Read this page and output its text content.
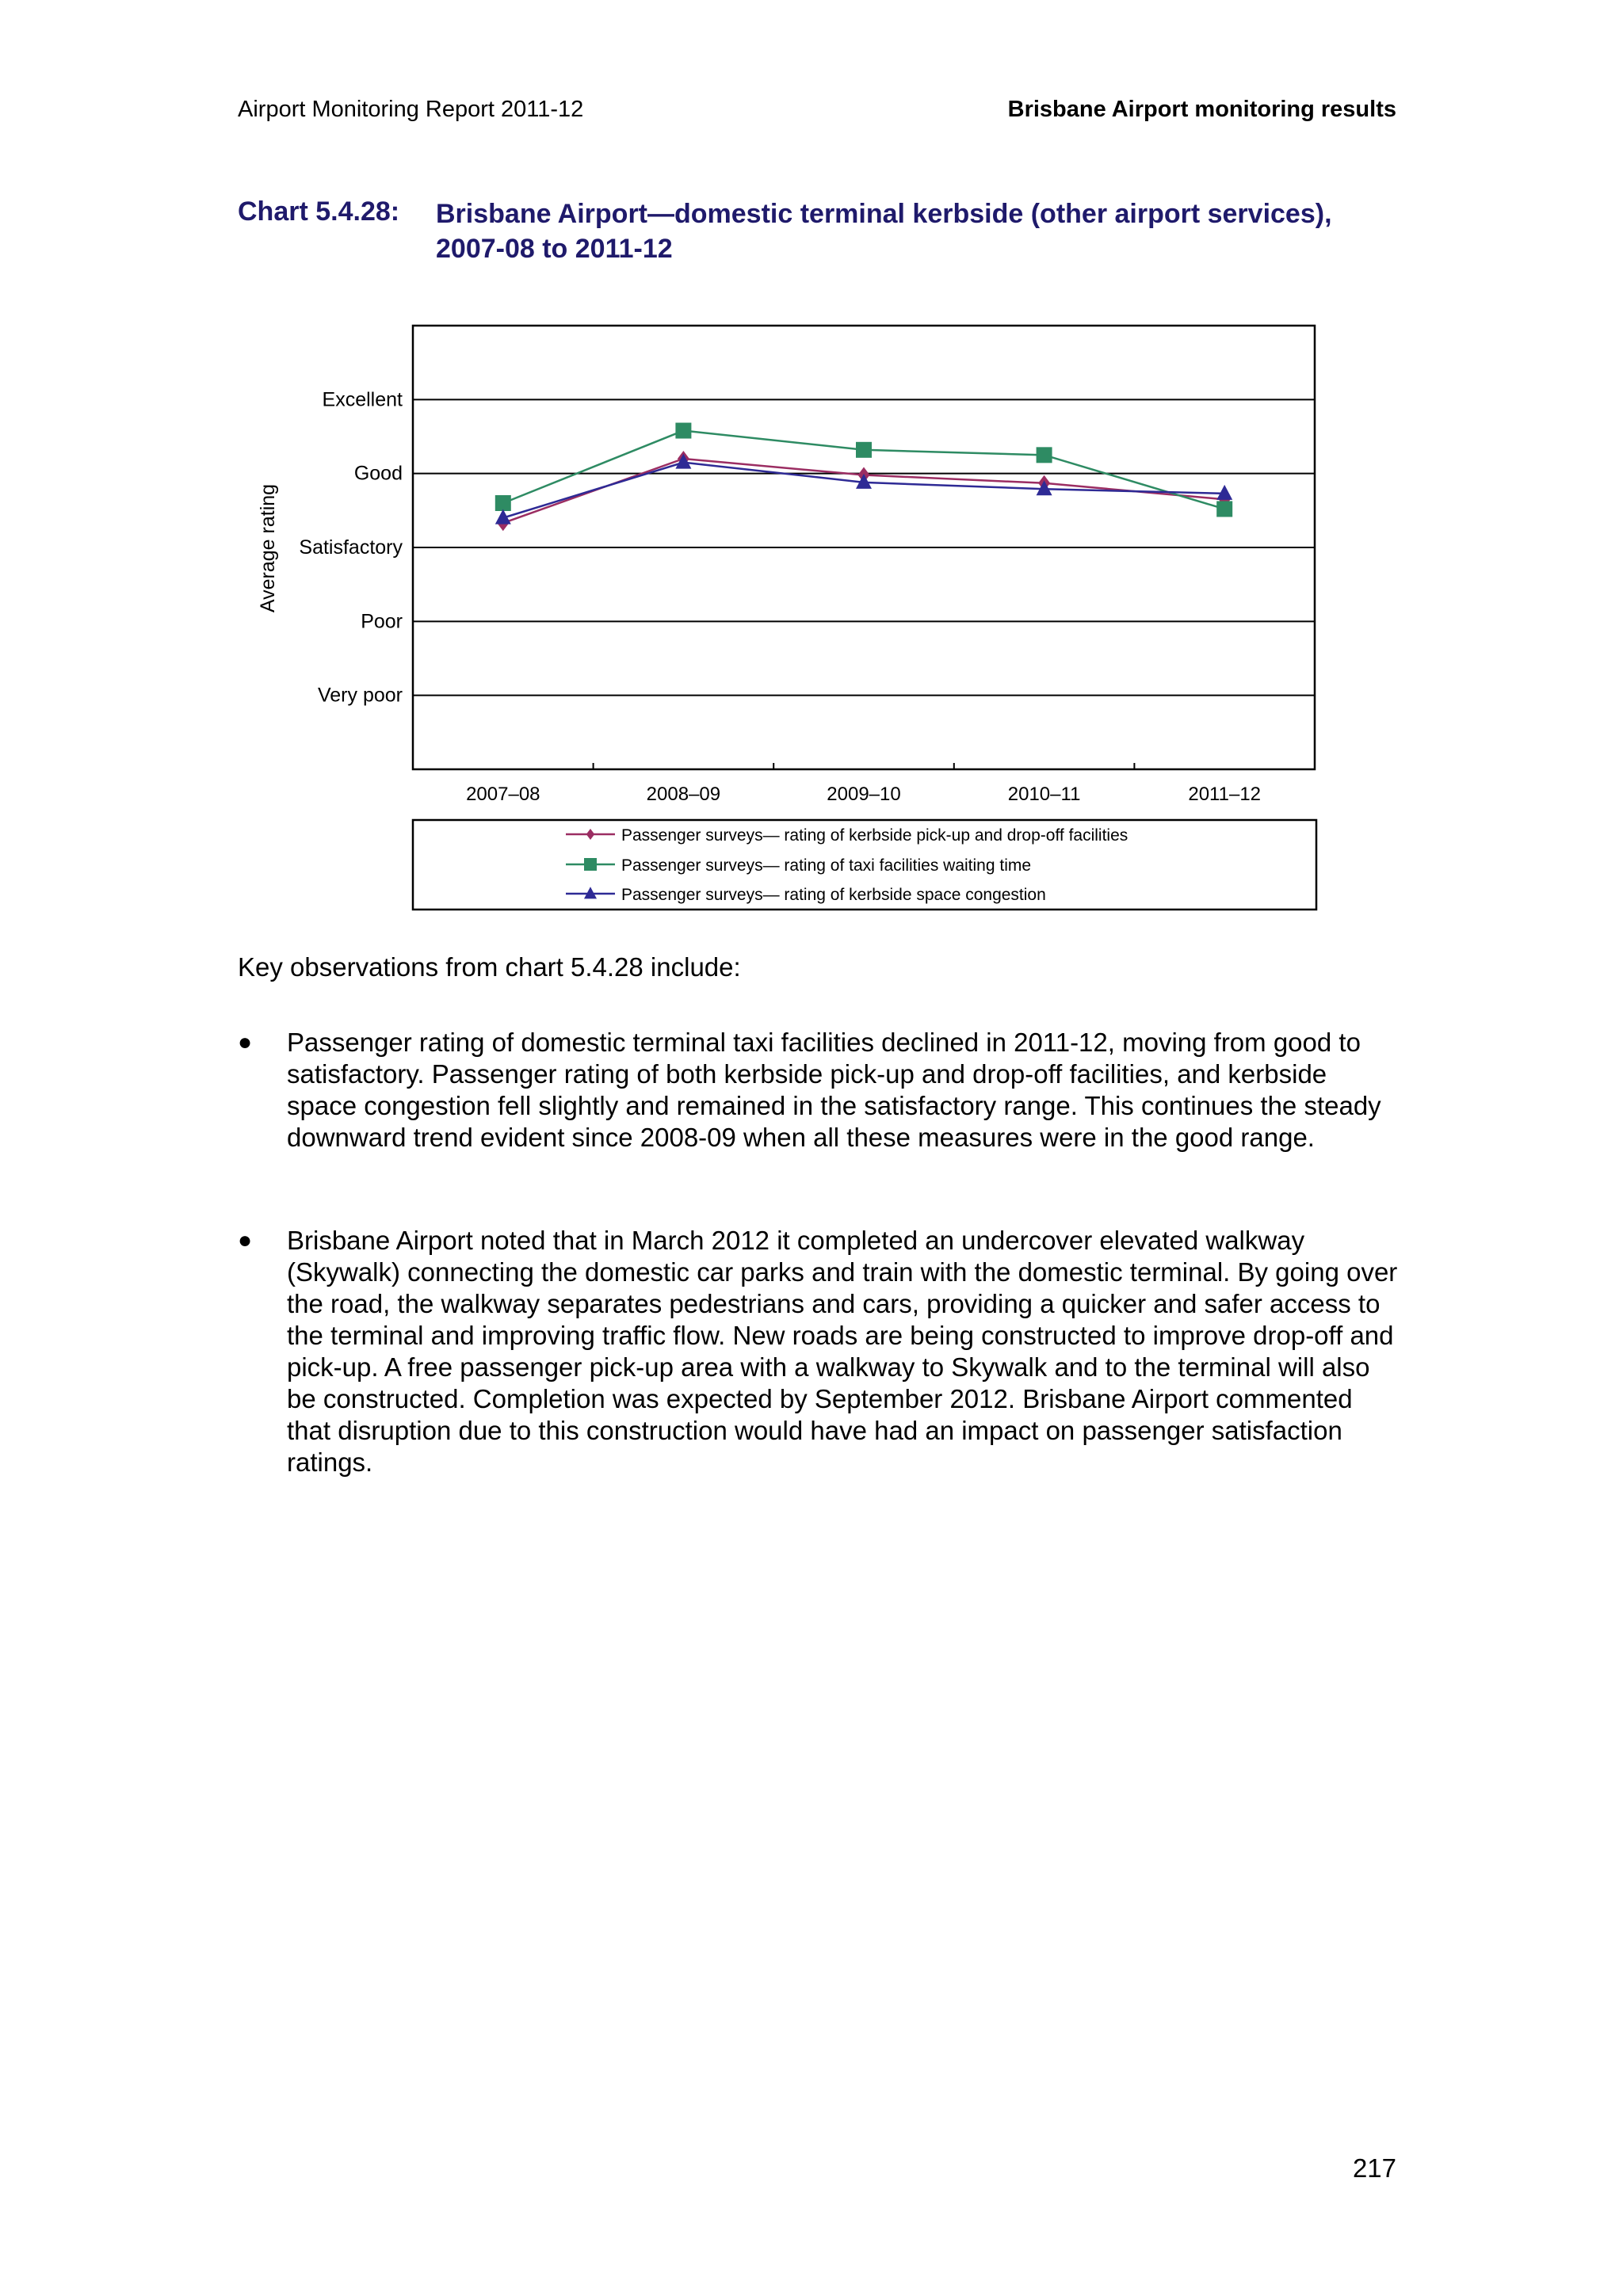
Airport Monitoring Report 2011-12	Brisbane Airport monitoring results
Chart 5.4.28: Brisbane Airport—domestic terminal kerbside (other airport services), 2007-08 to 2011-12
Very poor
Poor
Satisfactory
Good
Excellent
Average rating
2007–08	2008–09	2009–10	2010–11	2011–12
Passenger surveys— rating of kerbside pick-up and drop-off facilities
Passenger surveys— rating of taxi facilities waiting time
Passenger surveys— rating of kerbside space congestion
Key observations from chart 5.4.28 include:
● Passenger rating of domestic terminal taxi facilities declined in 2011-12, moving from good to satisfactory. Passenger rating of both kerbside pick-up and drop-off facilities, and kerbside space congestion fell slightly and remained in the satisfactory range. This continues the steady downward trend evident since 2008-09 when all these measures were in the good range.
● Brisbane Airport noted that in March 2012 it completed an undercover elevated walkway (Skywalk) connecting the domestic car parks and train with the domestic terminal. By going over the road, the walkway separates pedestrians and cars, providing a quicker and safer access to the terminal and improving traffic flow. New roads are being constructed to improve drop-off and pick-up. A free passenger pick-up area with a walkway to Skywalk and to the terminal will also be constructed. Completion was expected by September 2012. Brisbane Airport commented that disruption due to this construction would have had an impact on passenger satisfaction ratings.
217
